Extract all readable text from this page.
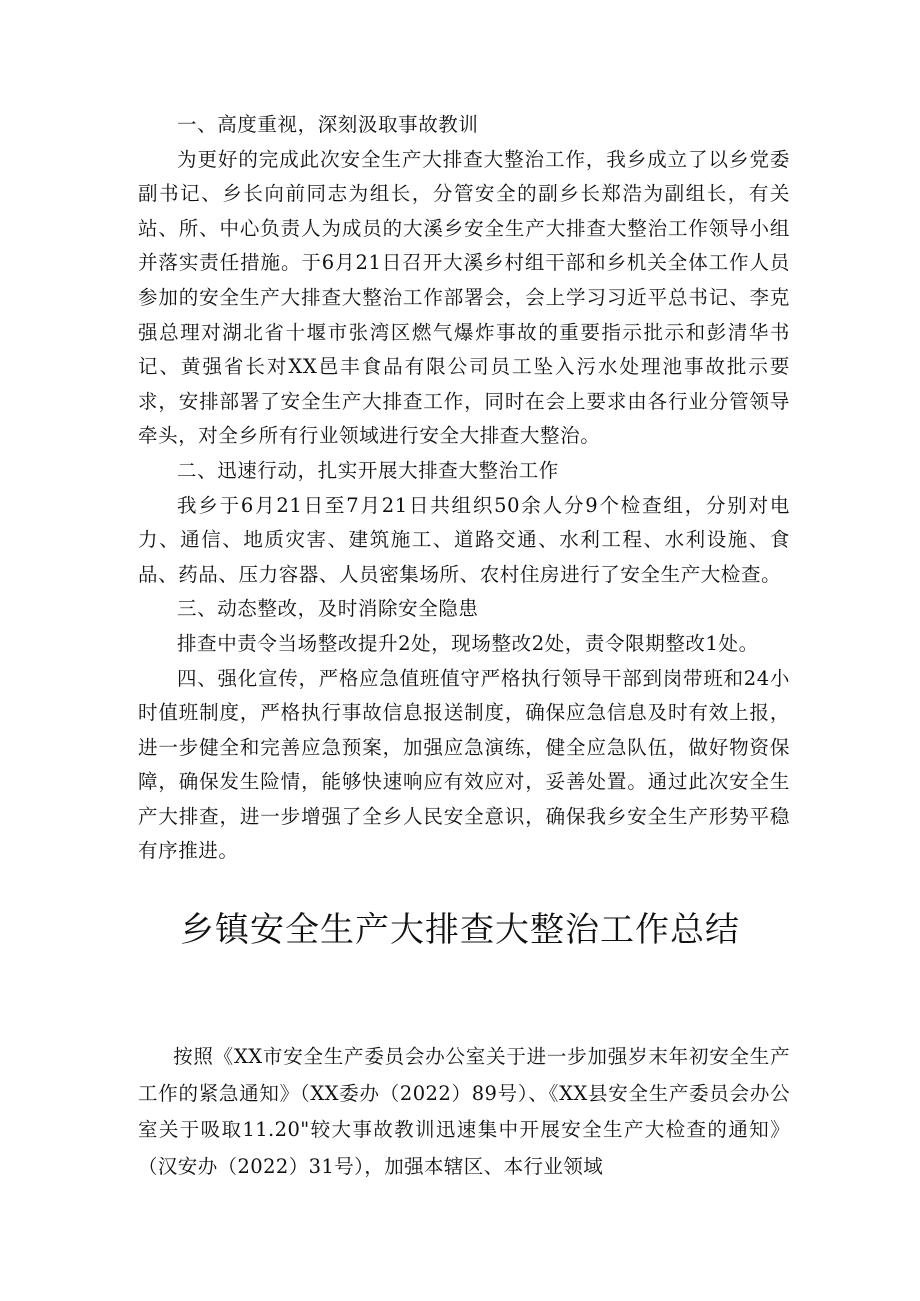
一、高度重视，深刻汲取事故教训

为更好的完成此次安全生产大排查大整治工作，我乡成立了以乡党委副书记、乡长向前同志为组长，分管安全的副乡长郑浩为副组长，有关站、所、中心负责人为成员的大溪乡安全生产大排查大整治工作领导小组并落实责任措施。于6月21日召开大溪乡村组干部和乡机关全体工作人员参加的安全生产大排查大整治工作部署会，会上学习习近平总书记、李克强总理对湖北省十堰市张湾区燃气爆炸事故的重要指示批示和彭清华书记、黄强省长对XX邑丰食品有限公司员工坠入污水处理池事故批示要求，安排部署了安全生产大排查工作，同时在会上要求由各行业分管领导牵头，对全乡所有行业领域进行安全大排查大整治。

二、迅速行动，扎实开展大排查大整治工作

我乡于6月21日至7月21日共组织50余人分9个检查组，分别对电力、通信、地质灾害、建筑施工、道路交通、水利工程、水利设施、食品、药品、压力容器、人员密集场所、农村住房进行了安全生产大检查。

三、动态整改，及时消除安全隐患

排查中责令当场整改提升2处，现场整改2处，责令限期整改1处。

四、强化宣传，严格应急值班值守严格执行领导干部到岗带班和24小时值班制度，严格执行事故信息报送制度，确保应急信息及时有效上报，进一步健全和完善应急预案，加强应急演练，健全应急队伍，做好物资保障，确保发生险情，能够快速响应有效应对，妥善处置。通过此次安全生产大排查，进一步增强了全乡人民安全意识，确保我乡安全生产形势平稳有序推进。

乡镇安全生产大排查大整治工作总结

按照《XX市安全生产委员会办公室关于进一步加强岁末年初安全生产工作的紧急通知》（XX委办（2022）89号）、《XX县安全生产委员会办公室关于吸取11.20"较大事故教训迅速集中开展安全生产大检查的通知》（汉安办（2022）31号），加强本辖区、本行业领域
